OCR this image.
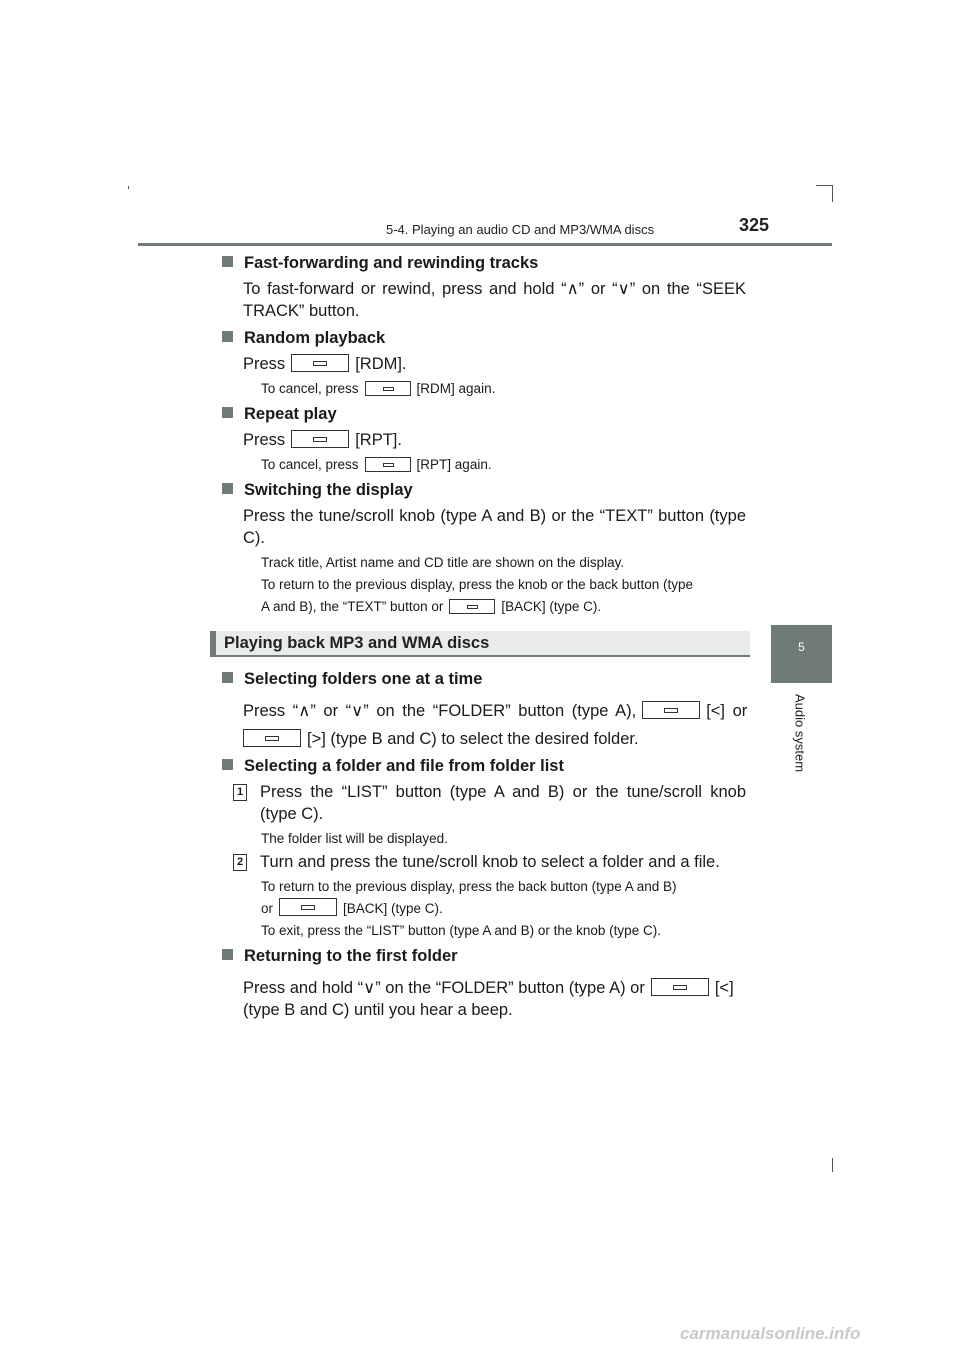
5-4. Playing an audio CD and MP3/WMA discs	325
5
Audio system
Playing back MP3 and WMA discs

Fast-forwarding and rewinding tracks

To fast-forward or rewind, press and hold “∧” or “∨” on the “SEEK TRACK” button.

Random playback

Press	[RDM].

To cancel, press	[RDM] again.

Repeat play

Press	[RPT].

To cancel, press	[RPT] again.

Switching the display

Press the tune/scroll knob (type A and B) or the “TEXT” button (type C).

Track title, Artist name and CD title are shown on the display.

To return to the previous display, press the knob or the back button (type

A and B), the “TEXT” button or	[BACK] (type C).

Selecting folders one at a time

Press “∧” or “∨” on the “FOLDER” button (type A),	[<] or

[>] (type B and C) to select the desired folder.

Selecting a folder and file from folder list

1	Press the “LIST” button (type A and B) or the tune/scroll knob (type C).

The folder list will be displayed.

2	Turn and press the tune/scroll knob to select a folder and a file.

To return to the previous display, press the back button (type A and B)

or	[BACK] (type C).

To exit, press the “LIST” button (type A and B) or the knob (type C).

Returning to the first folder

Press and hold “∨” on the “FOLDER” button (type A) or	[<]

(type B and C) until you hear a beep.

carmanualsonline.info
